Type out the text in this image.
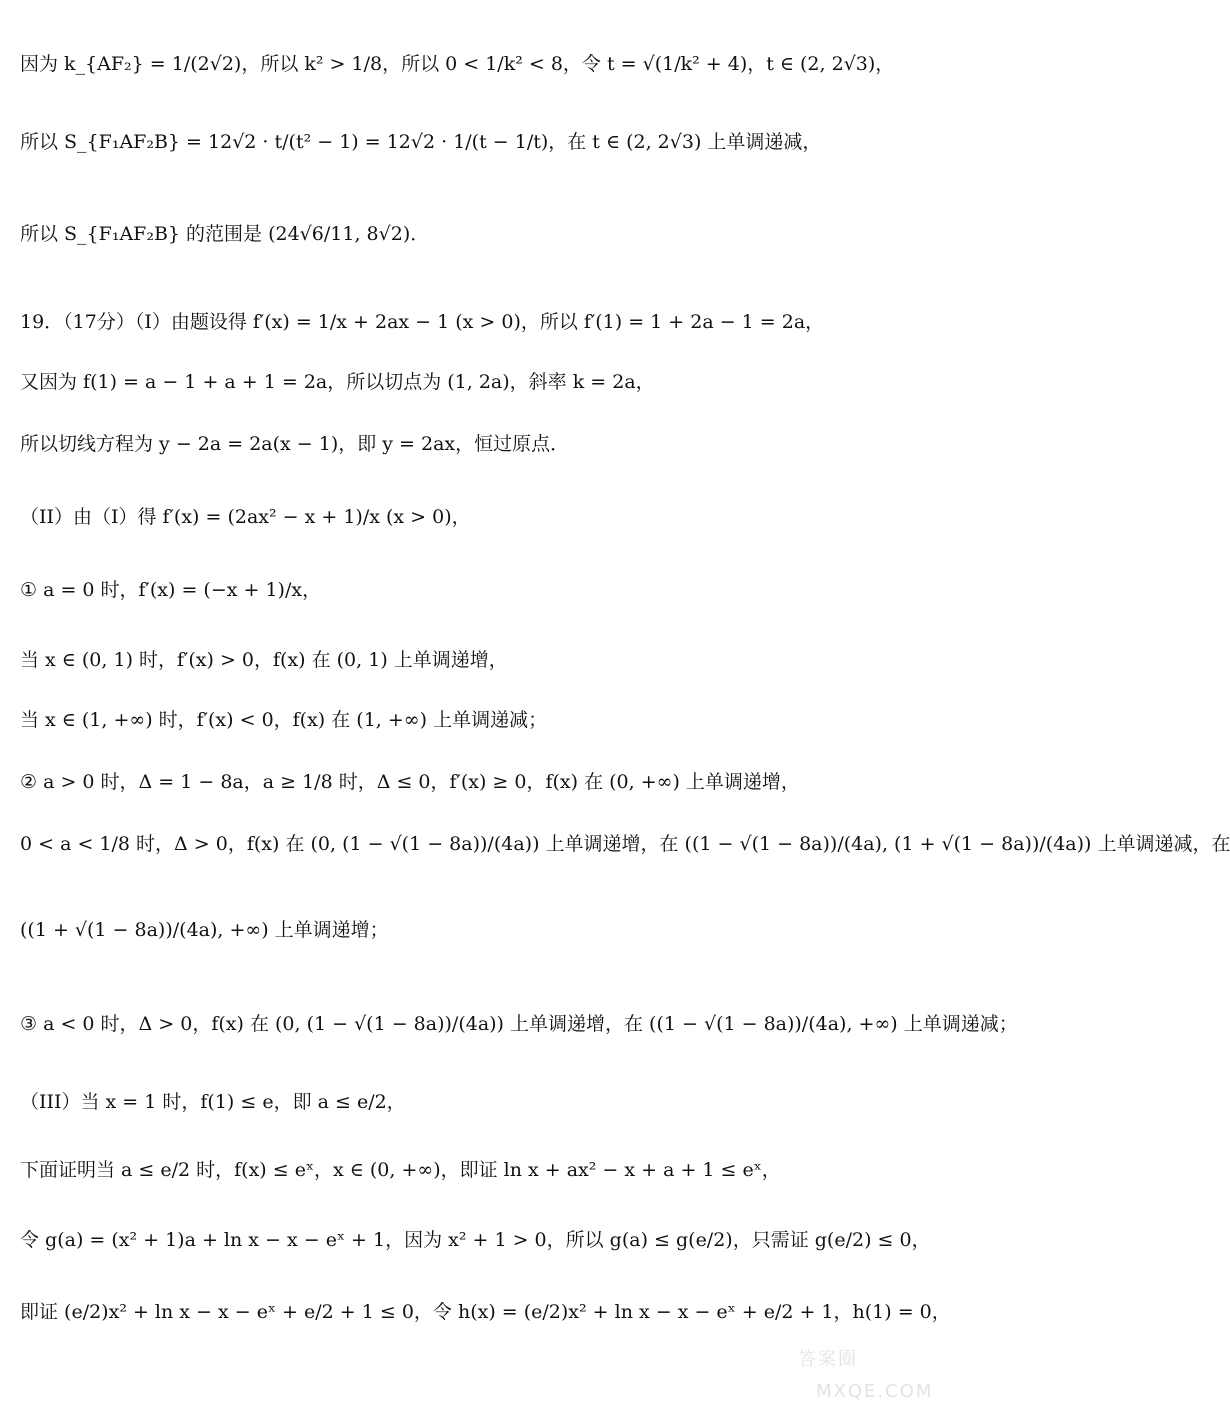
因为 k_{AF₂} = 1/(2√2)，所以 k² > 1/8，所以 0 < 1/k² < 8，令 t = √(1/k² + 4)，t ∈ (2, 2√3)，
所以 S_{F₁AF₂B} = 12√2 · t/(t² − 1) = 12√2 · 1/(t − 1/t)，在 t ∈ (2, 2√3) 上单调递减，
所以 S_{F₁AF₂B} 的范围是 (24√6/11, 8√2)．
19．（17分）（I）由题设得 f′(x) = 1/x + 2ax − 1 (x > 0)，所以 f′(1) = 1 + 2a − 1 = 2a，
又因为 f(1) = a − 1 + a + 1 = 2a，所以切点为 (1, 2a)，斜率 k = 2a，
所以切线方程为 y − 2a = 2a(x − 1)，即 y = 2ax，恒过原点．
（II）由（I）得 f′(x) = (2ax² − x + 1)/x (x > 0)，
① a = 0 时，f′(x) = (−x + 1)/x，
当 x ∈ (0, 1) 时，f′(x) > 0，f(x) 在 (0, 1) 上单调递增，
当 x ∈ (1, +∞) 时，f′(x) < 0，f(x) 在 (1, +∞) 上单调递减；
② a > 0 时，Δ = 1 − 8a，a ≥ 1/8 时，Δ ≤ 0，f′(x) ≥ 0，f(x) 在 (0, +∞) 上单调递增，
0 < a < 1/8 时，Δ > 0，f(x) 在 (0, (1 − √(1 − 8a))/(4a)) 上单调递增，在 ((1 − √(1 − 8a))/(4a), (1 + √(1 − 8a))/(4a)) 上单调递减，在
((1 + √(1 − 8a))/(4a), +∞) 上单调递增；
③ a < 0 时，Δ > 0，f(x) 在 (0, (1 − √(1 − 8a))/(4a)) 上单调递增，在 ((1 − √(1 − 8a))/(4a), +∞) 上单调递减；
（III）当 x = 1 时，f(1) ≤ e，即 a ≤ e/2，
下面证明当 a ≤ e/2 时，f(x) ≤ eˣ，x ∈ (0, +∞)，即证 ln x + ax² − x + a + 1 ≤ eˣ，
令 g(a) = (x² + 1)a + ln x − x − eˣ + 1，因为 x² + 1 > 0，所以 g(a) ≤ g(e/2)，只需证 g(e/2) ≤ 0，
即证 (e/2)x² + ln x − x − eˣ + e/2 + 1 ≤ 0，令 h(x) = (e/2)x² + ln x − x − eˣ + e/2 + 1，h(1) = 0，
答案圈
MXQE.COM
